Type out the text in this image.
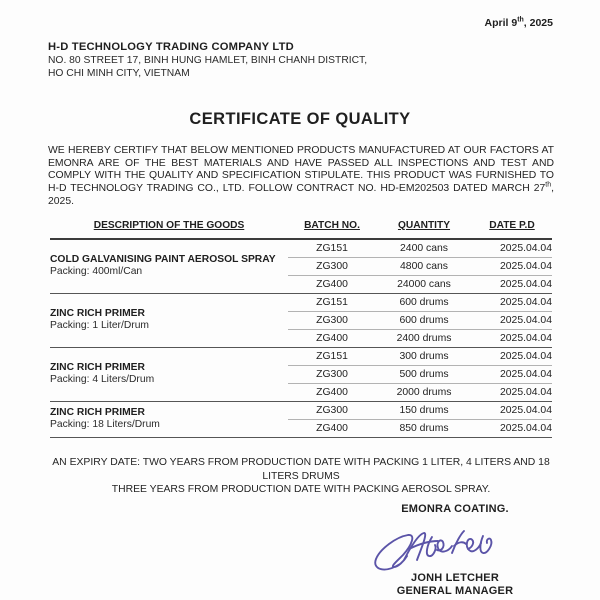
April 9th, 2025
H-D TECHNOLOGY TRADING COMPANY LTD
NO. 80 STREET 17, BINH HUNG HAMLET, BINH CHANH DISTRICT,
HO CHI MINH CITY, VIETNAM
CERTIFICATE OF QUALITY
WE HEREBY CERTIFY THAT BELOW MENTIONED PRODUCTS MANUFACTURED AT OUR FACTORS AT EMONRA ARE OF THE BEST MATERIALS AND HAVE PASSED ALL INSPECTIONS AND TEST AND COMPLY WITH THE QUALITY AND SPECIFICATION STIPULATE. THIS PRODUCT WAS FURNISHED TO H-D TECHNOLOGY TRADING CO., LTD. FOLLOW CONTRACT NO. HD-EM202503 DATED MARCH 27th, 2025.
DESCRIPTION OF THE GOODS	BATCH NO.	QUANTITY	DATE P.D

COLD GALVANISING PAINT AEROSOL SPRAY
Packing: 400ml/Can	ZG151	2400 cans	2025.04.04
	ZG300	4800 cans	2025.04.04
	ZG400	24000 cans	2025.04.04

ZINC RICH PRIMER
Packing: 1 Liter/Drum	ZG151	600 drums	2025.04.04
	ZG300	600 drums	2025.04.04
	ZG400	2400 drums	2025.04.04

ZINC RICH PRIMER
Packing: 4 Liters/Drum	ZG151	300 drums	2025.04.04
	ZG300	500 drums	2025.04.04
	ZG400	2000 drums	2025.04.04

ZINC RICH PRIMER
Packing: 18 Liters/Drum	ZG300	150 drums	2025.04.04
	ZG400	850 drums	2025.04.04
AN EXPIRY DATE: TWO YEARS FROM PRODUCTION DATE WITH PACKING 1 LITER, 4 LITERS AND 18 LITERS DRUMS
THREE YEARS FROM PRODUCTION DATE WITH PACKING AEROSOL SPRAY.
EMONRA COATING.
JONH LETCHER
GENERAL MANAGER
